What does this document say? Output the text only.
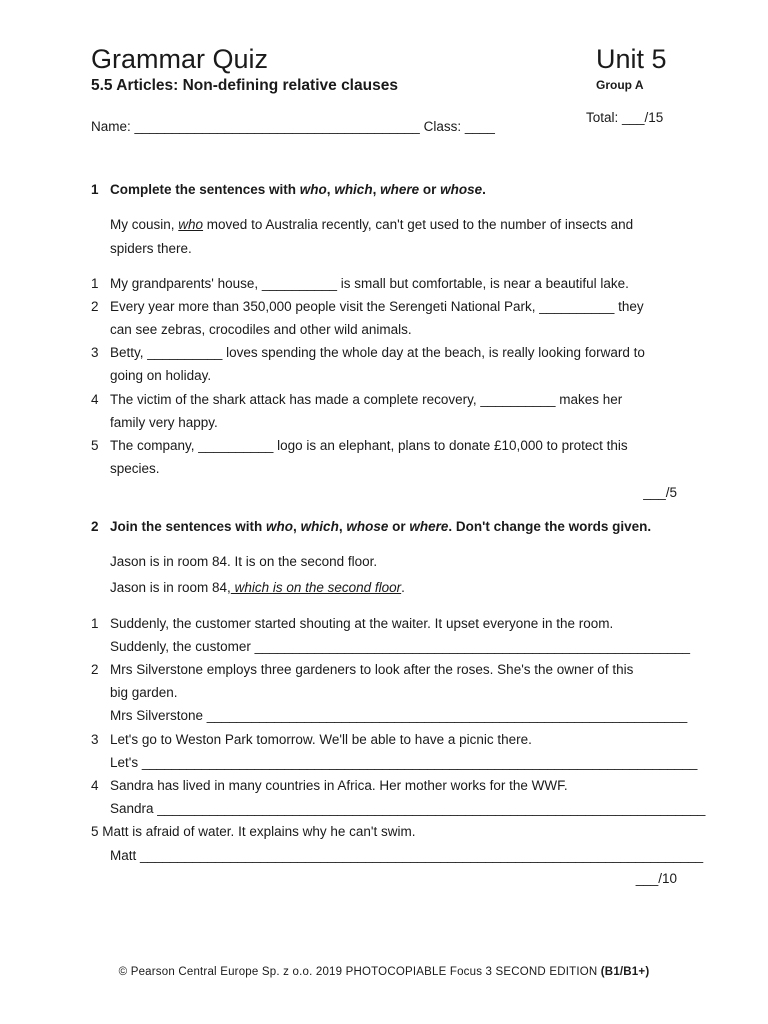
Grammar Quiz	Unit 5
5.5 Articles: Non-defining relative clauses	Group A
Total: ___/15
Name: ______________________________________ Class: ____
1 Complete the sentences with who, which, where or whose.
My cousin, who moved to Australia recently, can't get used to the number of insects and
spiders there.
1 My grandparents' house, __________ is small but comfortable, is near a beautiful lake.
2 Every year more than 350,000 people visit the Serengeti National Park, __________ they
can see zebras, crocodiles and other wild animals.
3 Betty, __________ loves spending the whole day at the beach, is really looking forward to
going on holiday.
4 The victim of the shark attack has made a complete recovery, __________ makes her
family very happy.
5 The company, __________ logo is an elephant, plans to donate £10,000 to protect this
species.
___/5
2 Join the sentences with who, which, whose or where. Don't change the words given.
Jason is in room 84. It is on the second floor.
Jason is in room 84, which is on the second floor.
1 Suddenly, the customer started shouting at the waiter. It upset everyone in the room.
Suddenly, the customer __________________________________________________________
2 Mrs Silverstone employs three gardeners to look after the roses. She's the owner of this
big garden.
Mrs Silverstone ________________________________________________________________
3 Let's go to Weston Park tomorrow. We'll be able to have a picnic there.
Let's __________________________________________________________________________
4 Sandra has lived in many countries in Africa. Her mother works for the WWF.
Sandra _________________________________________________________________________
5 Matt is afraid of water. It explains why he can't swim.
Matt ___________________________________________________________________________
___/10
© Pearson Central Europe Sp. z o.o. 2019 PHOTOCOPIABLE Focus 3 SECOND EDITION (B1/B1+)
